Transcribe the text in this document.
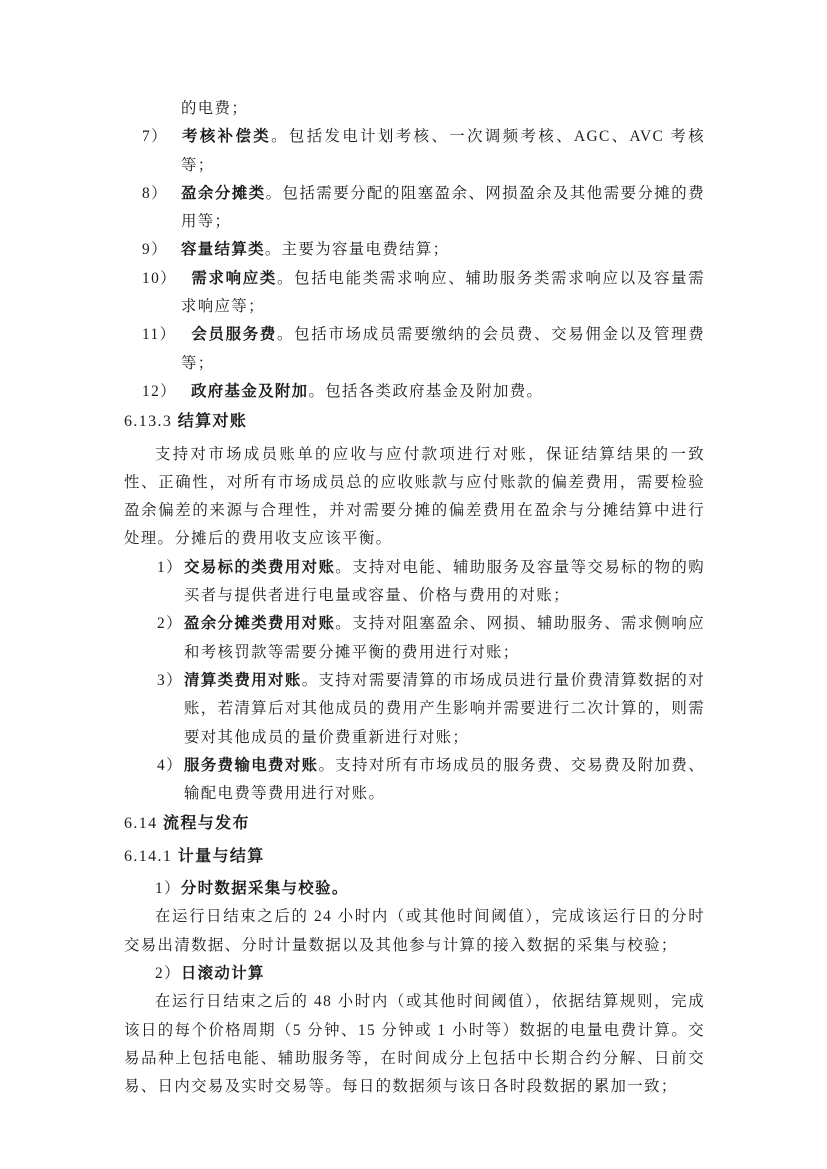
的电费；
7） 考核补偿类。包括发电计划考核、一次调频考核、AGC、AVC 考核等；
8） 盈余分摊类。包括需要分配的阻塞盈余、网损盈余及其他需要分摊的费用等；
9） 容量结算类。主要为容量电费结算；
10） 需求响应类。包括电能类需求响应、辅助服务类需求响应以及容量需求响应等；
11） 会员服务费。包括市场成员需要缴纳的会员费、交易佣金以及管理费等；
12） 政府基金及附加。包括各类政府基金及附加费。
6.13.3 结算对账

支持对市场成员账单的应收与应付款项进行对账，保证结算结果的一致性、正确性，对所有市场成员总的应收账款与应付账款的偏差费用，需要检验盈余偏差的来源与合理性，并对需要分摊的偏差费用在盈余与分摊结算中进行处理。分摊后的费用收支应该平衡。

1）交易标的类费用对账。支持对电能、辅助服务及容量等交易标的物的购买者与提供者进行电量或容量、价格与费用的对账；
2）盈余分摊类费用对账。支持对阻塞盈余、网损、辅助服务、需求侧响应和考核罚款等需要分摊平衡的费用进行对账；
3）清算类费用对账。支持对需要清算的市场成员进行量价费清算数据的对账，若清算后对其他成员的费用产生影响并需要进行二次计算的，则需要对其他成员的量价费重新进行对账；
4）服务费输电费对账。支持对所有市场成员的服务费、交易费及附加费、输配电费等费用进行对账。
6.14 流程与发布
6.14.1 计量与结算
1）分时数据采集与校验。

在运行日结束之后的 24 小时内（或其他时间阈值），完成该运行日的分时交易出清数据、分时计量数据以及其他参与计算的接入数据的采集与校验；

2）日滚动计算

在运行日结束之后的 48 小时内（或其他时间阈值），依据结算规则，完成该日的每个价格周期（5 分钟、15 分钟或 1 小时等）数据的电量电费计算。交易品种上包括电能、辅助服务等，在时间成分上包括中长期合约分解、日前交易、日内交易及实时交易等。每日的数据须与该日各时段数据的累加一致；
